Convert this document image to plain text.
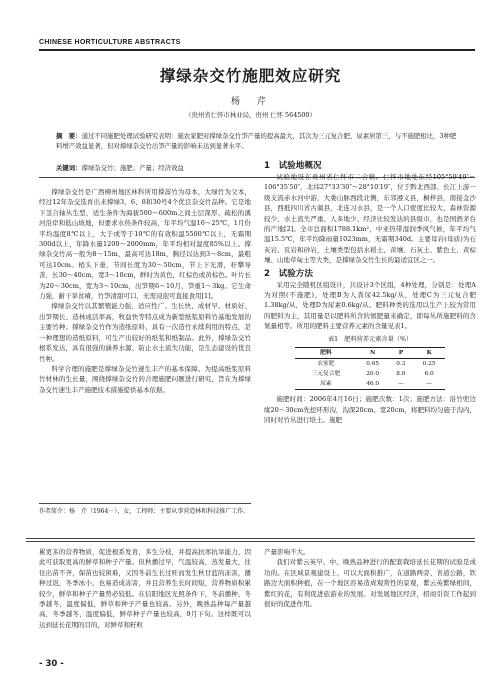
CHINESE HORTICULTURE ABSTRACTS
撑绿杂交竹施肥效应研究
杨　芹
（贵州省仁怀市林业局，贵州 仁怀 564500）
摘　要：通过不同施肥处理试验研究表明：施农家肥对撑绿杂交竹笋产量的提高最大，其次为三元复合肥、尿素居第三，与不施肥相比，3种肥料增产效益显著，但对撑绿杂交竹出笋产量的影响未达到显著水平。
关键词：撑绿杂交竹；施肥；产量；经济效益

撑绿杂交竹是广西柳州地区林科所用撑蒿竹为母本，大绿竹为父本，经过12年杂交选育出来撑绿3、6、8和30号4个优良杂交竹品种。它是地下茎合轴丛生型，适生条件为海拔500～600m之间土层深厚、疏松的溪河沿岸和低山坡地，但要求水热条件较高，年平均气温16～25℃，1月份平均温度8℃以上，大于或等于10℃的有效积温5500℃以上，无霜期300d以上，年降水量1200～2000mm，年平均相对湿度85%以上。撑绿杂交竹高一般为8～15m，最高可达18m，胸径以达到3～8cm，最粗可达10cm。梢头下垂，节间长度为30～50cm，节上下光滑，秆攀导善，长30～40cm，宽3～10cm，鲜时为黄色，红棕色或黄棕色。叶片长为20～30cm，宽为3～10cm，出笋期6～10月，笋重1～3kg。它生命力强，耐干旱贫瘠，竹笋清甜可口，无需浸泡可直接食用[1]。

撑绿杂交竹以其繁殖能力强、适应性广、生长快、成材早、材质好、出笋期长、造林成活率高，牧益快等特点成为新型纸浆原料竹基地发展的主要竹种。撑绿杂交竹作为造纸原料，具有一次造竹永续利用的特点，是一种理想的造纸原料，可生产出较好的纸浆和纸制品。此外，撑绿杂交竹根系发达，具有很强的涵养水源、防止水土流失功能，是生态建设的优良竹种。

科学合理的施肥是撑绿杂交竹速生丰产的基本保障。为提高纸浆原料竹材林的生长量，围绕撑绿杂交竹的合理施肥问题进行研究，旨在为撑绿杂交竹速生丰产施肥技术措施提供基本依据。

1　试验地概况

试验地设在贵州省仁怀市二合镇。仁怀市地处东经105°59′49″～106°35′50″，北纬27°33′30″～28°10′19″，位于黔北西部、长江上游一级支流赤水河中游，大娄山脉西段北侧，东邻遵义县，桐梓县，南接金沙县，西抵四川省古蔺县，北连习水县，是一个人口密度比较大、森林资源较少、水土流失严重、人多地少、经济比较发达的县级市，也是国酒茅台的产地[2]。全市总面积1788.1km²，中亚热带湿润季风气候，年平均气温15.5℃，年平均降雨量1023mm，无霜期340d。主要母岩(母质)为石灰岩、页岩和砂岩，土壤类型包括水稻土、黄壤、石灰土、紫色土、黄棕壤、山地草甸土等大类，是撑绿杂交竹生长的最适宜区之一。

2　试验方法

采用完全随机区组设计，共设计3个区组，4种处理，分别是：处理A为对照(不施肥)，处理B为人粪尿42.5kg/从，处理C为三元复合肥1.38kg/从，处理D为尿素0.6kg/从。肥料种类的选用以生产上较为常用的肥料为主，其用量是以肥料所含的氮肥量来确定，即每丛所施肥料的含氮量相等。所用的肥料主要营养元素的含量见表1。

表1　肥料营养元素含量（%）
肥料	N	P	K
农家肥	0.65	0.3	0.25
三元复合肥	20.0	8.0	6.0
尿素	46.0	—	—

施肥时间：2006年4月16日；施肥次数：1次；施肥方法：沿竹兜边缘20～30cm先挖环形沟，沟深20cm、宽20cm，将肥料均匀施于沟内，同时对竹丛进行培土。施肥

作者简介：杨　芹（1964－），女，工程师；主要从事营造林和科技推广工作。

累更多的营养物质，促进根系发育，多生分枝，并提高抗寒抗旱能力，因此可获取更高的鲜草和种子产量。但秋播过早，气温较高，蒸发量大，往往出苗不齐，保苗也较困难，又因冬前生长过旺而发生秋甘蓝的冻害，播种过迟，冬季冰小，也易造成冻害，并且营养生长时间短，营养物质积累较少，鲜草和种子产量势必较低。在信阳地区光照条件下，冬前播种，冬季越冬，温度偏低，鲜草和种子产量也较高。另外，晚熟品种每产量越高，冬季越冬，温度偏低，鲜草种子产量也较高，9月下旬。这样既可以达到延长花期的目的，对鲜草和籽粒

产量影响不大。

我们对紫云英早、中、晚熟品种进行的配套栽培延长花期的试验是成功的。在区域景观建设上，可以大面积推广，在道路两旁、省道公路，铁路边大面积种植，在一个地区容易造成观赏性的景观，紫云英紫绿相间，紫红的花，有利促进旅游业的发展。对发展地区经济，招商引资工作起到很好的促进作用。

- 30 -
